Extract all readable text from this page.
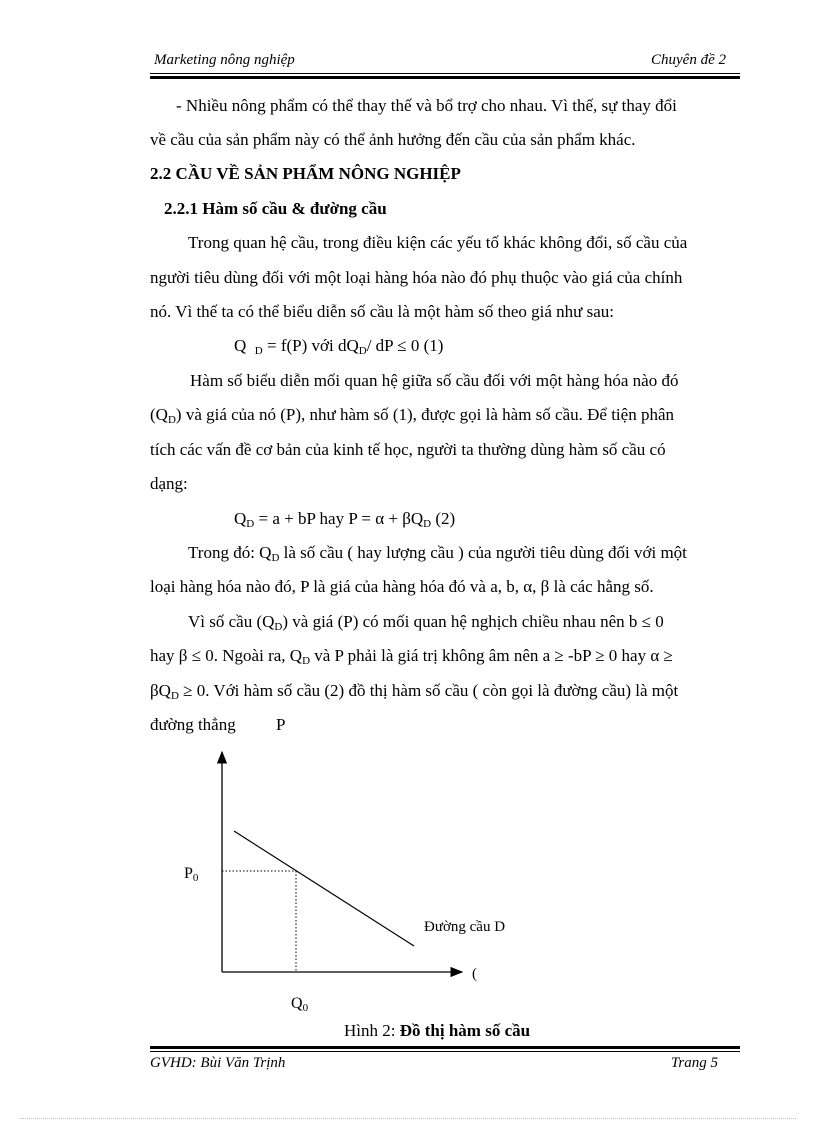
Marketing nông nghiệp	Chuyên đề 2
- Nhiều nông phẩm có thể thay thế và bổ trợ cho nhau. Vì thế, sự thay đổi
về cầu của sản phẩm này có thể ảnh hưởng đến cầu của sản phẩm khác.
2.2 CẦU VỀ SẢN PHẨM NÔNG NGHIỆP
2.2.1 Hàm số cầu & đường cầu
Trong quan hệ cầu, trong điều kiện các yếu tố khác không đổi, số cầu của
người tiêu dùng đối với một loại hàng hóa nào đó phụ thuộc vào giá của chính
nó. Vì thế ta có thể biểu diễn số cầu là một hàm số theo giá như sau:
Q $_D$ = f(P) với $dQ_D/$ dP ≤ 0 (1)
Hàm số biểu diễn mối quan hệ giữa số cầu đối với một hàng hóa nào đó
$(Q_D)$ và giá của nó (P), như hàm số (1), được gọi là hàm số cầu. Để tiện phân
tích các vấn đề cơ bản của kinh tế học, người ta thường dùng hàm số cầu có
dạng:
$Q_D = a$ + bP hay $P = \alpha + \beta Q_D$ (2)
Trong đó: $Q_D$ là số cầu ( hay lượng cầu ) của người tiêu dùng đối với một
loại hàng hóa nào đó, P là giá của hàng hóa đó và a, b, α, β là các hằng số.
Vì số cầu $(Q_D)$ và giá (P) có mối quan hệ nghịch chiều nhau nên b ≤ 0
hay β ≤ 0. Ngoài ra, $Q_D$ và P phải là giá trị không âm nên a ≥ -bP ≥ 0 hay α ≥
$\beta Q_D \ge 0$. Với hàm số cầu (2) đồ thị hàm số cầu ( còn gọi là đường cầu) là một
đường thẳng P
$P_0$
$Q_0$
Đường cầu D
(
Hình 2: Đồ thị hàm số cầu
GVHD: Bùi Văn Trịnh	Trang 5
